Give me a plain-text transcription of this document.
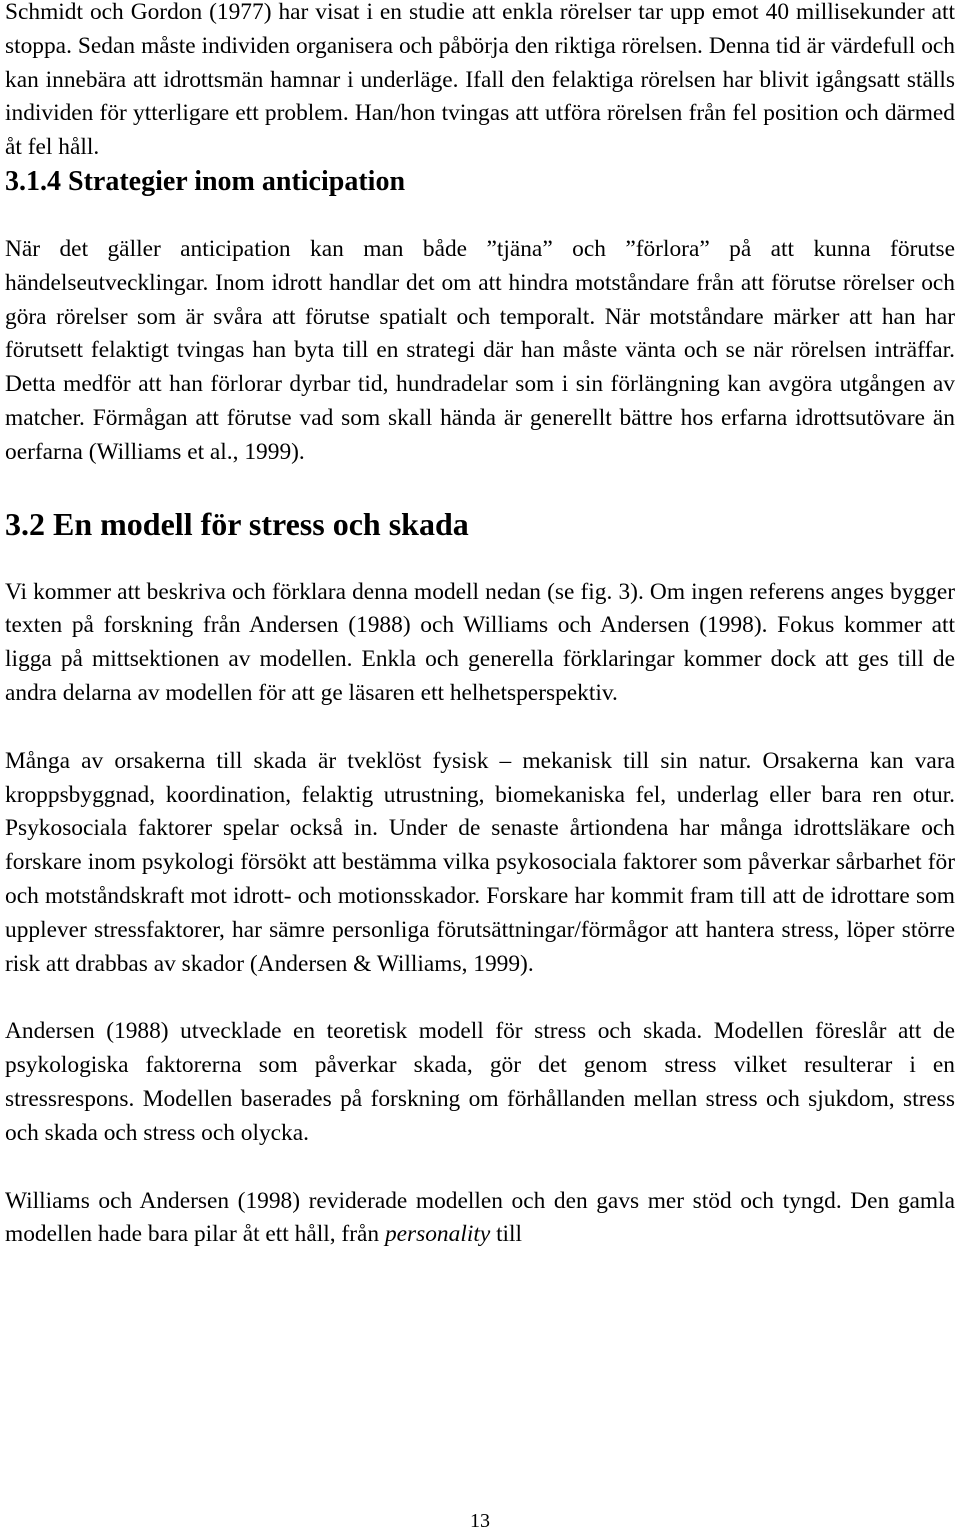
Schmidt och Gordon (1977) har visat i en studie att enkla rörelser tar upp emot 40 millisekunder att stoppa. Sedan måste individen organisera och påbörja den riktiga rörelsen. Denna tid är värdefull och kan innebära att idrottsmän hamnar i underläge. Ifall den felaktiga rörelsen har blivit igångsatt ställs individen för ytterligare ett problem. Han/hon tvingas att utföra rörelsen från fel position och därmed åt fel håll.

3.1.4 Strategier inom anticipation

När det gäller anticipation kan man både ”tjäna” och ”förlora” på att kunna förutse händelseutvecklingar. Inom idrott handlar det om att hindra motståndare från att förutse rörelser och göra rörelser som är svåra att förutse spatialt och temporalt. När motståndare märker att han har förutsett felaktigt tvingas han byta till en strategi där han måste vänta och se när rörelsen inträffar. Detta medför att han förlorar dyrbar tid, hundradelar som i sin förlängning kan avgöra utgången av matcher. Förmågan att förutse vad som skall hända är generellt bättre hos erfarna idrottsutövare än oerfarna (Williams et al., 1999).

3.2 En modell för stress och skada

Vi kommer att beskriva och förklara denna modell nedan (se fig. 3). Om ingen referens anges bygger texten på forskning från Andersen (1988) och Williams och Andersen (1998). Fokus kommer att ligga på mittsektionen av modellen. Enkla och generella förklaringar kommer dock att ges till de andra delarna av modellen för att ge läsaren ett helhetsperspektiv.

Många av orsakerna till skada är tveklöst fysisk – mekanisk till sin natur. Orsakerna kan vara kroppsbyggnad, koordination, felaktig utrustning, biomekaniska fel, underlag eller bara ren otur. Psykosociala faktorer spelar också in. Under de senaste årtiondena har många idrottsläkare och forskare inom psykologi försökt att bestämma vilka psykosociala faktorer som påverkar sårbarhet för och motståndskraft mot idrott- och motionsskador. Forskare har kommit fram till att de idrottare som upplever stressfaktorer, har sämre personliga förutsättningar/förmågor att hantera stress, löper större risk att drabbas av skador (Andersen & Williams, 1999).

Andersen (1988) utvecklade en teoretisk modell för stress och skada. Modellen föreslår att de psykologiska faktorerna som påverkar skada, gör det genom stress vilket resulterar i en stressrespons. Modellen baserades på forskning om förhållanden mellan stress och sjukdom, stress och skada och stress och olycka.

Williams och Andersen (1998) reviderade modellen och den gavs mer stöd och tyngd. Den gamla modellen hade bara pilar åt ett håll, från personality till

13
